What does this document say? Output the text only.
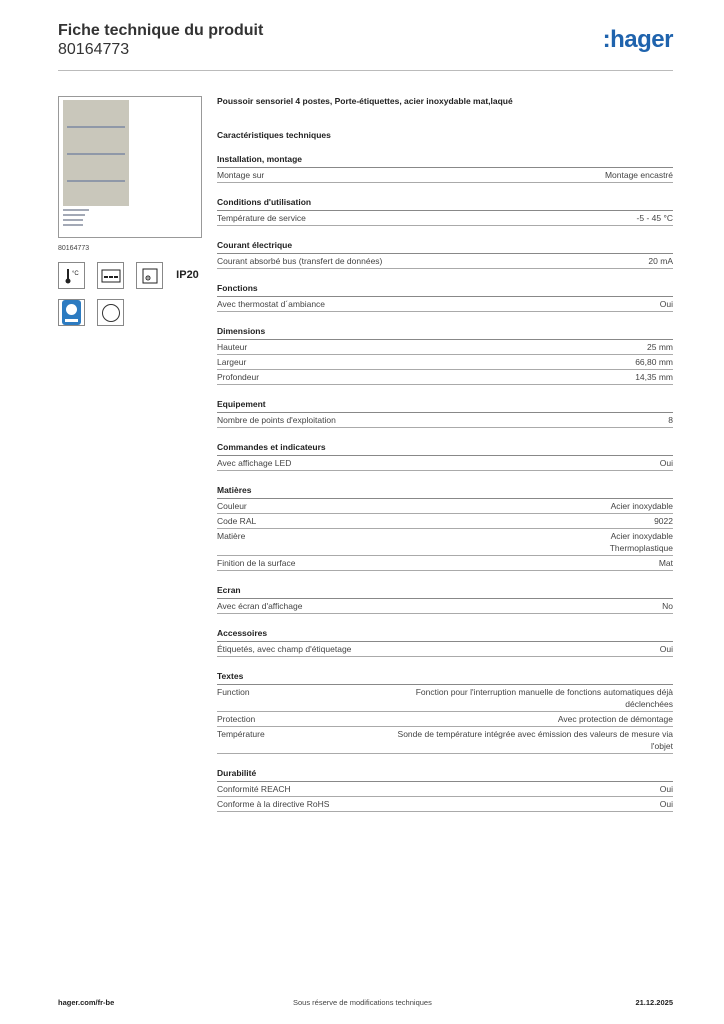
Fiche technique du produit
80164773	:hager
80164773
°C	IP20
Poussoir sensoriel 4 postes, Porte-étiquettes, acier inoxydable mat,laqué
Caractéristiques techniques
Installation, montage
Montage sur	Montage encastré
Conditions d'utilisation
Température de service	-5 - 45 °C
Courant électrique
Courant absorbé bus (transfert de données)	20 mA
Fonctions
Avec thermostat d´ambiance	Oui
Dimensions
Hauteur	25 mm
Largeur	66,80 mm
Profondeur	14,35 mm
Equipement
Nombre de points d'exploitation	8
Commandes et indicateurs
Avec affichage LED	Oui
Matières
Couleur	Acier inoxydable
Code RAL	9022
Matière	Acier inoxydable
Thermoplastique
Finition de la surface	Mat
Ecran
Avec écran d'affichage	No
Accessoires
Étiquetés, avec champ d'étiquetage	Oui
Textes
Function	Fonction pour l'interruption manuelle de fonctions automatiques déjà déclenchées
Protection	Avec protection de démontage
Température	Sonde de température intégrée avec émission des valeurs de mesure via l'objet
Durabilité
Conformité REACH	Oui
Conforme à la directive RoHS	Oui
hager.com/fr-be	Sous réserve de modifications techniques	21.12.2025
